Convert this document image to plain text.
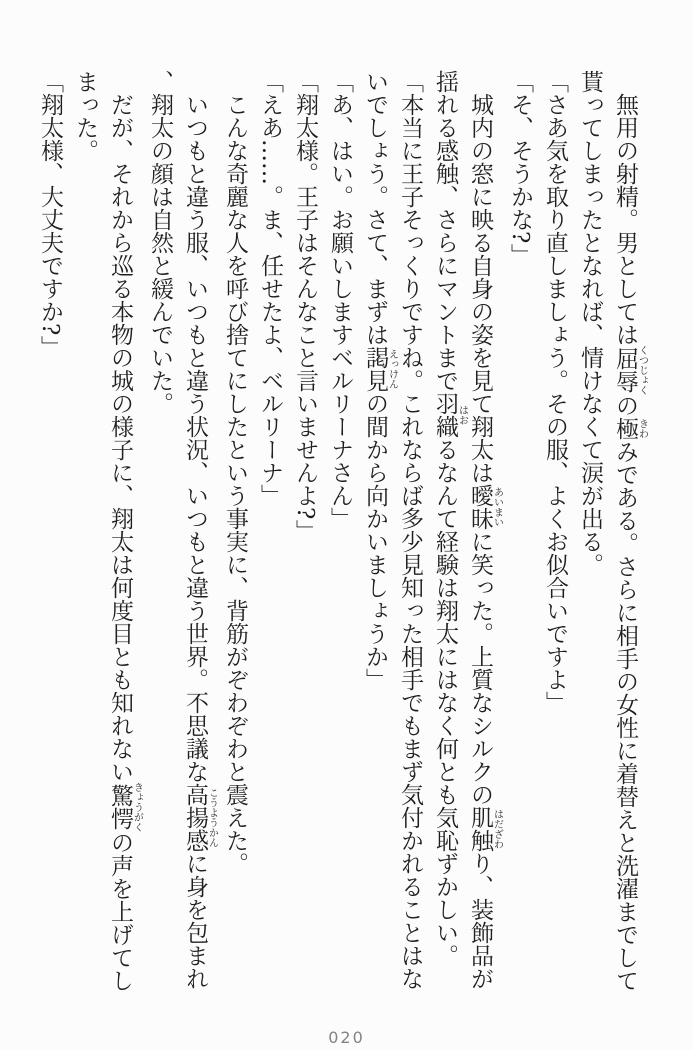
無用の射精。男としては屈辱くつじょくの極きわみである。さらに相手の女性に着替えと洗濯までして貰ってしまったとなれば、情けなくて涙が出る。

「さあ気を取り直しましょう。その服、よくお似合いですよ」

「そ、そうかな?」

城内の窓に映る自身の姿を見て翔太は曖昧あいまいに笑った。上質なシルクの肌触はだざわり、装飾品が揺れる感触、さらにマントまで羽織はおるなんて経験は翔太にはなく何とも気恥ずかしい。

「本当に王子そっくりですね。これならば多少見知った相手でもまず気付かれることはないでしょう。さて、まずは謁見えっけんの間から向かいましょうか」

「あ、はい。お願いしますベルリーナさん」

「翔太様。王子はそんなこと言いませんよ?」

「えあ……。ま、任せたよ、ベルリーナ」

こんな奇麗な人を呼び捨てにしたという事実に、背筋がぞわぞわと震えた。

いつもと違う服、いつもと違う状況、いつもと違う世界。不思議な高揚感こうようかんに身を包まれ、翔太の顔は自然と緩んでいた。

だが、それから巡る本物の城の様子に、翔太は何度目とも知れない驚愕きょうがくの声を上げてしまった。

「翔太様、大丈夫ですか?」

020
